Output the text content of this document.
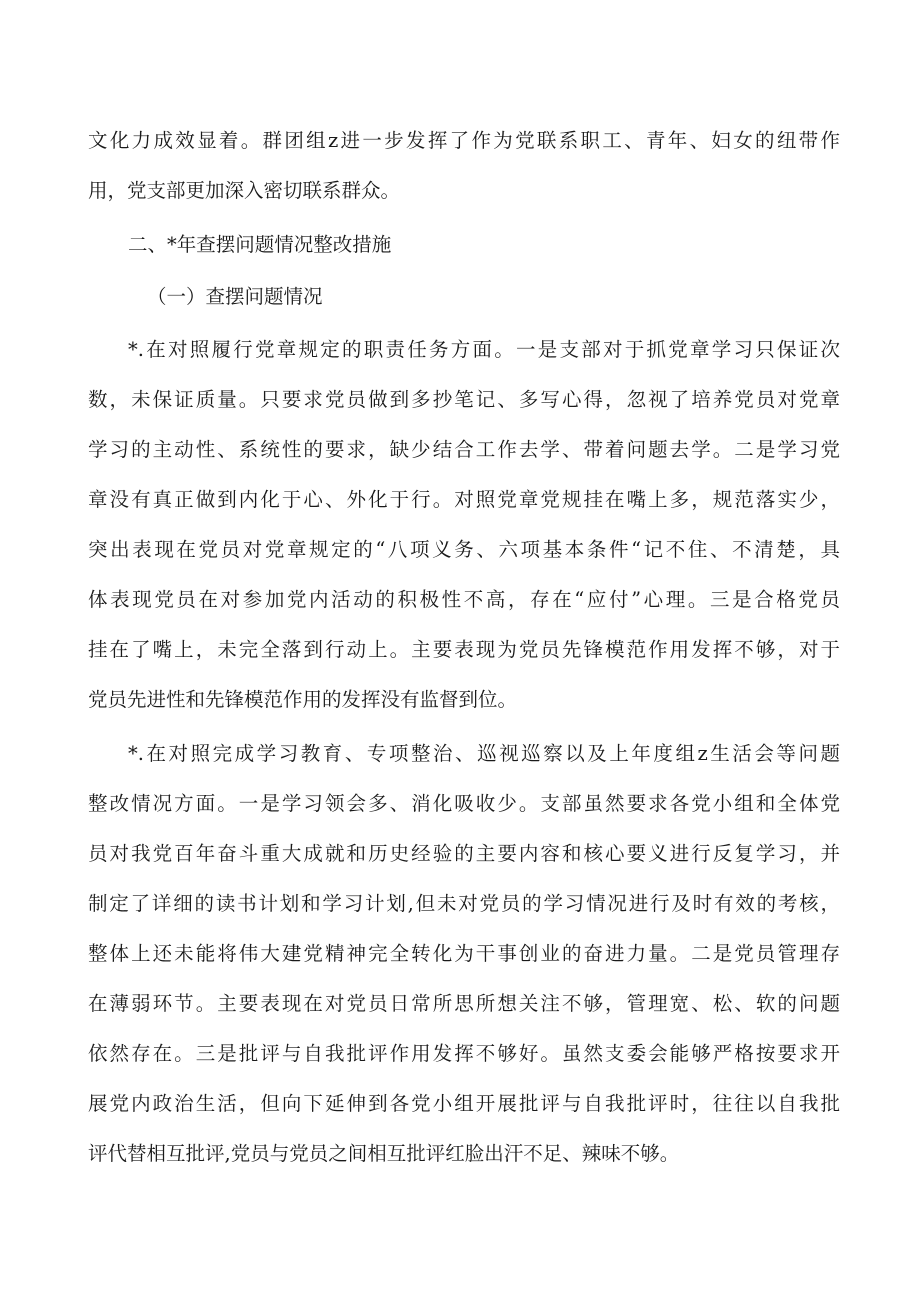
文化力成效显着。群团组z进一步发挥了作为党联系职工、青年、妇女的纽带作
用，党支部更加深入密切联系群众。
二、*年查摆问题情况整改措施
（一）查摆问题情况
*.在对照履行党章规定的职责任务方面。一是支部对于抓党章学习只保证次
数，未保证质量。只要求党员做到多抄笔记、多写心得，忽视了培养党员对党章
学习的主动性、系统性的要求，缺少结合工作去学、带着问题去学。二是学习党
章没有真正做到内化于心、外化于行。对照党章党规挂在嘴上多，规范落实少，
突出表现在党员对党章规定的“八项义务、六项基本条件“记不住、不清楚，具
体表现党员在对参加党内活动的积极性不高，存在“应付”心理。三是合格党员
挂在了嘴上，未完全落到行动上。主要表现为党员先锋模范作用发挥不够，对于
党员先进性和先锋模范作用的发挥没有监督到位。
*.在对照完成学习教育、专项整治、巡视巡察以及上年度组z生活会等问题
整改情况方面。一是学习领会多、消化吸收少。支部虽然要求各党小组和全体党
员对我党百年奋斗重大成就和历史经验的主要内容和核心要义进行反复学习，并
制定了详细的读书计划和学习计划,但未对党员的学习情况进行及时有效的考核，
整体上还未能将伟大建党精神完全转化为干事创业的奋进力量。二是党员管理存
在薄弱环节。主要表现在对党员日常所思所想关注不够，管理宽、松、软的问题
依然存在。三是批评与自我批评作用发挥不够好。虽然支委会能够严格按要求开
展党内政治生活，但向下延伸到各党小组开展批评与自我批评时，往往以自我批
评代替相互批评,党员与党员之间相互批评红脸出汗不足、辣味不够。
